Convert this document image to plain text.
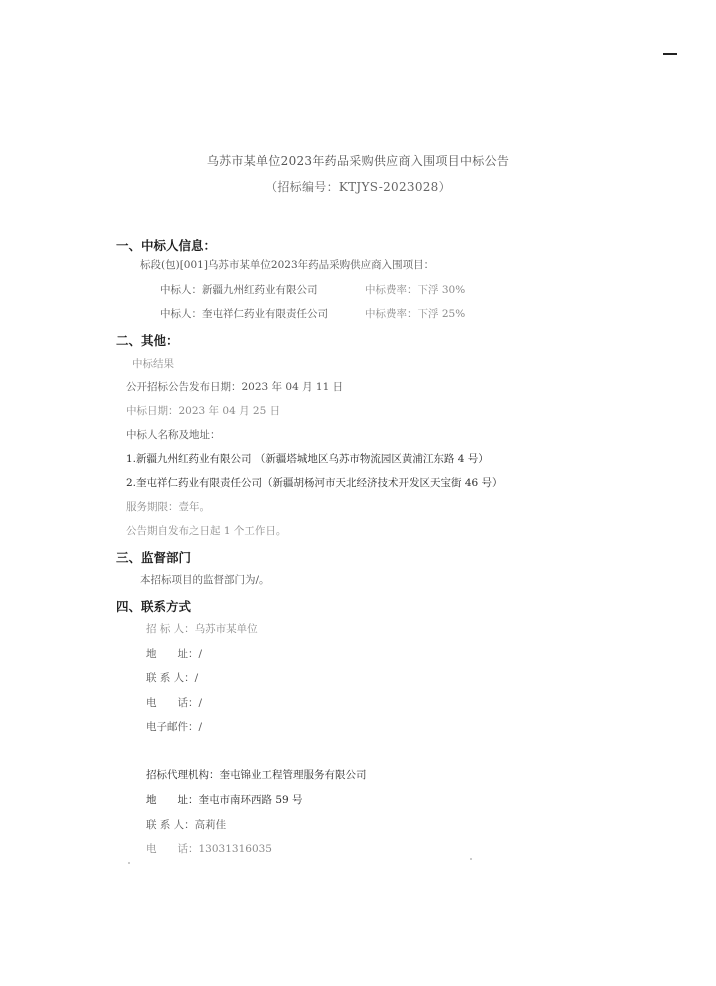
乌苏市某单位2023年药品采购供应商入围项目中标公告
（招标编号：KTJYS-2023028）
一、中标人信息：
标段(包)[001]乌苏市某单位2023年药品采购供应商入围项目：
中标人：新疆九州红药业有限公司	中标费率：下浮 30%
中标人：奎屯祥仁药业有限责任公司	中标费率：下浮 25%
二、其他：
中标结果
公开招标公告发布日期：2023 年 04 月 11 日
中标日期：2023 年 04 月 25 日
中标人名称及地址：
1.新疆九州红药业有限公司 （新疆塔城地区乌苏市物流园区黄浦江东路 4 号）
2.奎屯祥仁药业有限责任公司（新疆胡杨河市天北经济技术开发区天宝街 46 号）
服务期限：壹年。
公告期自发布之日起 1 个工作日。
三、监督部门
本招标项目的监督部门为/。
四、联系方式
招 标 人：乌苏市某单位
地　　址：/
联 系 人：/
电　　话：/
电子邮件：/
招标代理机构：奎屯锦业工程管理服务有限公司
地　　址：奎屯市南环西路 59 号
联 系 人：高莉佳
电　　话：13031316035
